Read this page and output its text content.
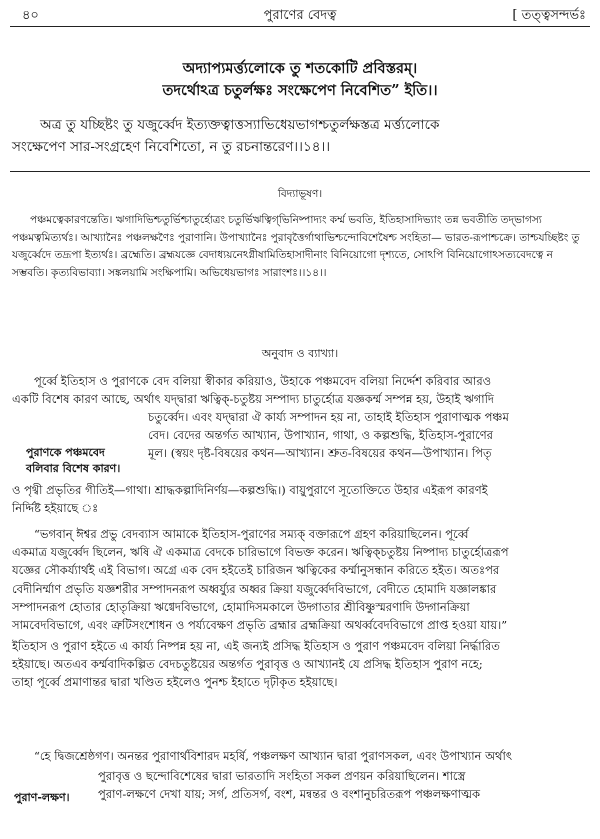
৪০	পুরাণের বেদত্ব	[ তত্ত্বসন্দর্ভঃ
অদ্যাপ্যমর্ত্ত্যলোকে তু শতকোটি প্রবিস্তরম্‌।
তদর্থোঽত্র চতুর্লক্ষঃ সংক্ষেপেণ নিবেশিত” ইতি।।
অত্র তু যচ্ছিষ্টং তু যজুর্ব্বেদ ইত্যক্তত্বাত্তস্যাভিধেয়ভাগশ্চতুর্লক্ষস্তত্র মর্ত্ত্যলোকে
সংক্ষেপেণ সার-সংগ্রহেণ নিবেশিতো, ন তু রচনান্তরেণ।।১৪।।
বিদ্যাভূষণ।
পঞ্চমত্বেকারণন্তেতি। ঋগাদিভিশ্চতুর্ভিশ্চাতুর্হোত্রং চতুর্ভিঋত্বিগ্‌ভিনিষ্পাদ্যং কর্ম্ম ভবতি, ইতিহাসাদিভ্যাং তন্ন ভবতীতি তদ্‌ভাগস্য পঞ্চমত্বমিত্যর্থঃ। আখ্যানৈঃ পঞ্চলক্ষণৈঃ পুরাণানি। উপাখ্যানৈঃ পুরাবৃত্তৈর্গাথাভিশ্চন্দোবিশেষৈশ্চ সংহিতা— ভারত-রূপাশ্চক্রে। তাশ্চযচ্ছিষ্টং তু যজুর্ব্বেদে তদ্রূপা ইত্যর্থঃ। ব্রহ্মেতি। ব্রহ্মযজ্ঞে বেদাধ্যয়নেঽগ্নীষামিতিহাসাদীনাং বিনিয়োগো দৃশ্যতে, সোঽপি বিনিয়োগোঽসত্যবেদত্বে ন সম্ভবতি। কৃত্যবিভাব্যা। সঙ্কলয়ামি সংক্ষিপামি। অভিধেয়ভাগঃ সারাংশঃ।।১৪।।
অনুবাদ ও ব্যাখ্যা।
পূর্ব্বে ইতিহাস ও পুরাণকে বেদ বলিয়া স্বীকার করিয়াও, উহাকে পঞ্চমবেদ বলিয়া নির্দ্দেশ করিবার আরও
একটি বিশেষ কারণ আছে, অর্থাৎ যদ্দ্বারা ঋত্বিক্‌-চতুষ্টয় সম্পাদ্য চাতুর্হোত্র যজ্ঞকর্ম্ম সম্পন্ন হয়, উহাই ঋগাদি
পুরাণকে পঞ্চমবেদ
বলিবার বিশেষ কারণ।
চতুর্ব্বেদ। এবং যদ্দ্বারা ঐ কার্য্য সম্পাদন হয় না, তাহাই ইতিহাস পুরাণাত্মক পঞ্চম
বেদ। বেদের অন্তর্গত আখ্যান, উপাখ্যান, গাথা, ও কল্পশুদ্ধি, ইতিহাস-পুরাণের
মূল। (স্বয়ং দৃষ্ট-বিষয়ের কথন—আখ্যান। শ্রুত-বিষয়ের কথন—উপাখ্যান। পিতৃ
ও পৃথ্বী প্রভৃতির গীতিই—গাথা। শ্রাদ্ধকল্পাদিনির্ণয়—কল্পশুদ্ধি।) বায়ুপুরাণে সূতোক্তিতে উহার এইরূপ কারণই
নির্দ্দিষ্ট হইয়াছে ঃ
“ভগবান্‌ ঈশ্বর প্রভু বেদব্যাস আমাকে ইতিহাস-পুরাণের সম্যক্‌ বক্তারূপে গ্রহণ করিয়াছিলেন। পূর্ব্বে
একমাত্র যজুর্ব্বেদ ছিলেন, ঋষি ঐ একমাত্র বেদকে চারিভাগে বিভক্ত করেন। ঋত্বিক্‌চতুষ্টয় নিষ্পাদ্য চাতুর্হোত্ররূপ
যজ্ঞের সৌকর্য্যার্থই এই বিভাগ। অগ্রে এক বেদ হইতেই চারিজন ঋত্বিকের কর্ম্মানুসন্ধান করিতে হইত। অতঃপর
বেদীনির্ম্মাণ প্রভৃতি যজ্ঞশরীর সম্পাদনরূপ অধ্বর্য্যুর অধ্বর ক্রিয়া যজুর্ব্বেদবিভাগে, বেদীতে হোমাদি যজ্ঞালঙ্কার
সম্পাদনরূপ হোতার হোতৃক্রিয়া ঋগ্বেদবিভাগে, হোমাদিসমকালে উদ্গাতার শ্রীবিষ্ণুস্মরণাদি উদ্গানক্রিয়া
সামবেদবিভাগে, এবং ত্রুটিসংশোধন ও পর্য্যবেক্ষণ প্রভৃতি ব্রহ্মার ব্রহ্মক্রিয়া অথর্ব্ববেদবিভাগে প্রাপ্ত হওয়া যায়।”
ইতিহাস ও পুরাণ হইতে এ কার্য্য নিষ্পন্ন হয় না, এই জন্যই প্রসিদ্ধ ইতিহাস ও পুরাণ পঞ্চমবেদ বলিয়া নির্দ্ধারিত
হইয়াছে। অতএব কর্ম্মবাদিকল্পিত বেদচতুষ্টয়ের অন্তর্গত পুরাবৃত্ত ও আখ্যানই যে প্রসিদ্ধ ইতিহাস পুরাণ নহে;
তাহা পূর্ব্বে প্রমাণান্তর দ্বারা খণ্ডিত হইলেও পুনশ্চ ইহাতে দৃঢ়ীকৃত হইয়াছে।
“হে দ্বিজশ্রেষ্ঠগণ। অনন্তর পুরাণার্থবিশারদ মহর্ষি, পঞ্চলক্ষণ আখ্যান দ্বারা পুরাণসকল, এবং উপাখ্যান অর্থাৎ
পুরাণ-লক্ষণ।
পুরাবৃত্ত ও ছন্দোবিশেষের দ্বারা ভারতাদি সংহিতা সকল প্রণয়ন করিয়াছিলেন। শাস্ত্রে
পুরাণ-লক্ষণে দেখা যায়; সর্গ, প্রতিসর্গ, বংশ, মন্বন্তর ও বংশানুচরিতরূপ পঞ্চলক্ষণাত্মক
